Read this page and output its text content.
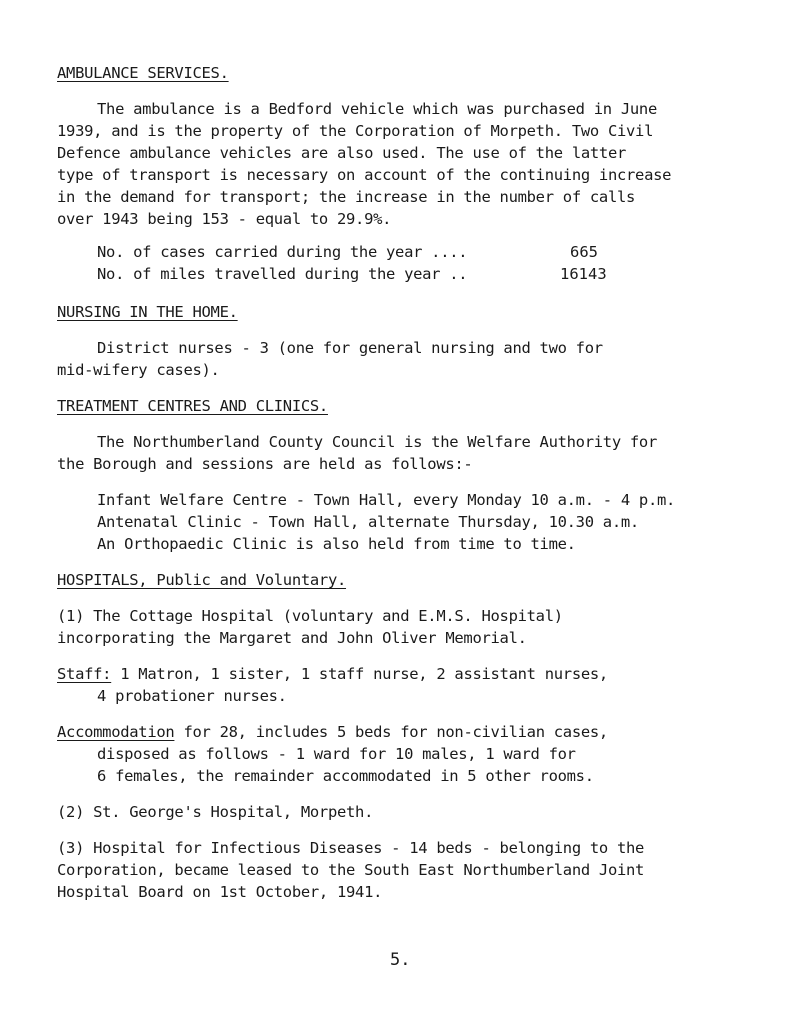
AMBULANCE SERVICES.
The ambulance is a Bedford vehicle which was purchased in June
1939, and is the property of the Corporation of Morpeth. Two Civil
Defence ambulance vehicles are also used. The use of the latter
type of transport is necessary on account of the continuing increase
in the demand for transport; the increase in the number of calls
over 1943 being 153 - equal to 29.9%.
No. of cases carried during the year ....	665
No. of miles travelled during the year ..	16143
NURSING IN THE HOME.
District nurses - 3 (one for general nursing and two for
mid-wifery cases).
TREATMENT CENTRES AND CLINICS.
The Northumberland County Council is the Welfare Authority for
the Borough and sessions are held as follows:-
Infant Welfare Centre - Town Hall, every Monday 10 a.m. - 4 p.m.
Antenatal Clinic - Town Hall, alternate Thursday, 10.30 a.m.
An Orthopaedic Clinic is also held from time to time.
HOSPITALS, Public and Voluntary.
(1) The Cottage Hospital (voluntary and E.M.S. Hospital)
incorporating the Margaret and John Oliver Memorial.
Staff: 1 Matron, 1 sister, 1 staff nurse, 2 assistant nurses,
4 probationer nurses.
Accommodation for 28, includes 5 beds for non-civilian cases,
disposed as follows - 1 ward for 10 males, 1 ward for
6 females, the remainder accommodated in 5 other rooms.
(2) St. George's Hospital, Morpeth.
(3) Hospital for Infectious Diseases - 14 beds - belonging to the
Corporation, became leased to the South East Northumberland Joint
Hospital Board on 1st October, 1941.
5.
